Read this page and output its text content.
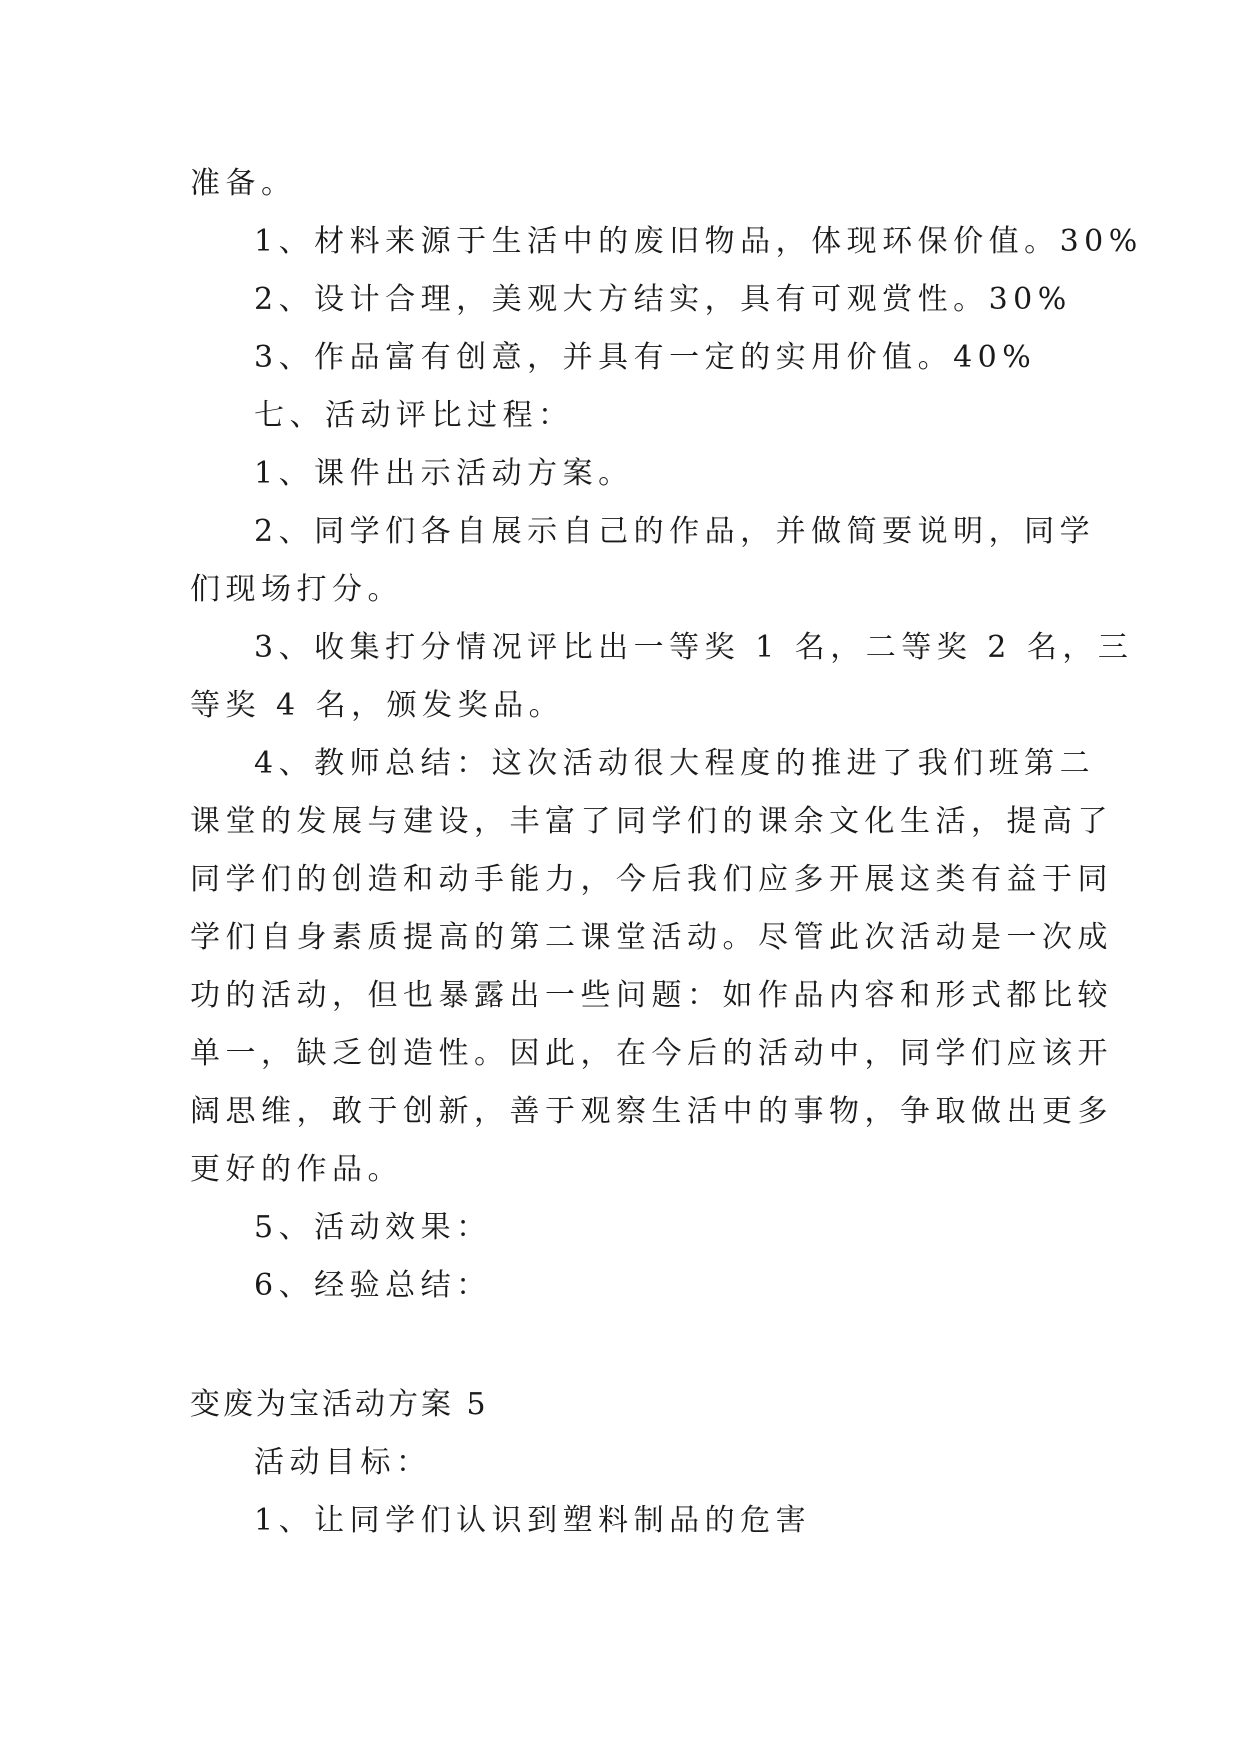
准备。

1、材料来源于生活中的废旧物品，体现环保价值。30%

2、设计合理，美观大方结实，具有可观赏性。30%

3、作品富有创意，并具有一定的实用价值。40%

七、活动评比过程：

1、课件出示活动方案。

2、同学们各自展示自己的作品，并做简要说明，同学

们现场打分。

3、收集打分情况评比出一等奖 1 名，二等奖 2 名，三

等奖 4 名，颁发奖品。

4、教师总结：这次活动很大程度的推进了我们班第二

课堂的发展与建设，丰富了同学们的课余文化生活，提高了

同学们的创造和动手能力，今后我们应多开展这类有益于同

学们自身素质提高的第二课堂活动。尽管此次活动是一次成

功的活动，但也暴露出一些问题：如作品内容和形式都比较

单一，缺乏创造性。因此，在今后的活动中，同学们应该开

阔思维，敢于创新，善于观察生活中的事物，争取做出更多

更好的作品。

5、活动效果：

6、经验总结：

变废为宝活动方案 5

活动目标：

1、让同学们认识到塑料制品的危害
